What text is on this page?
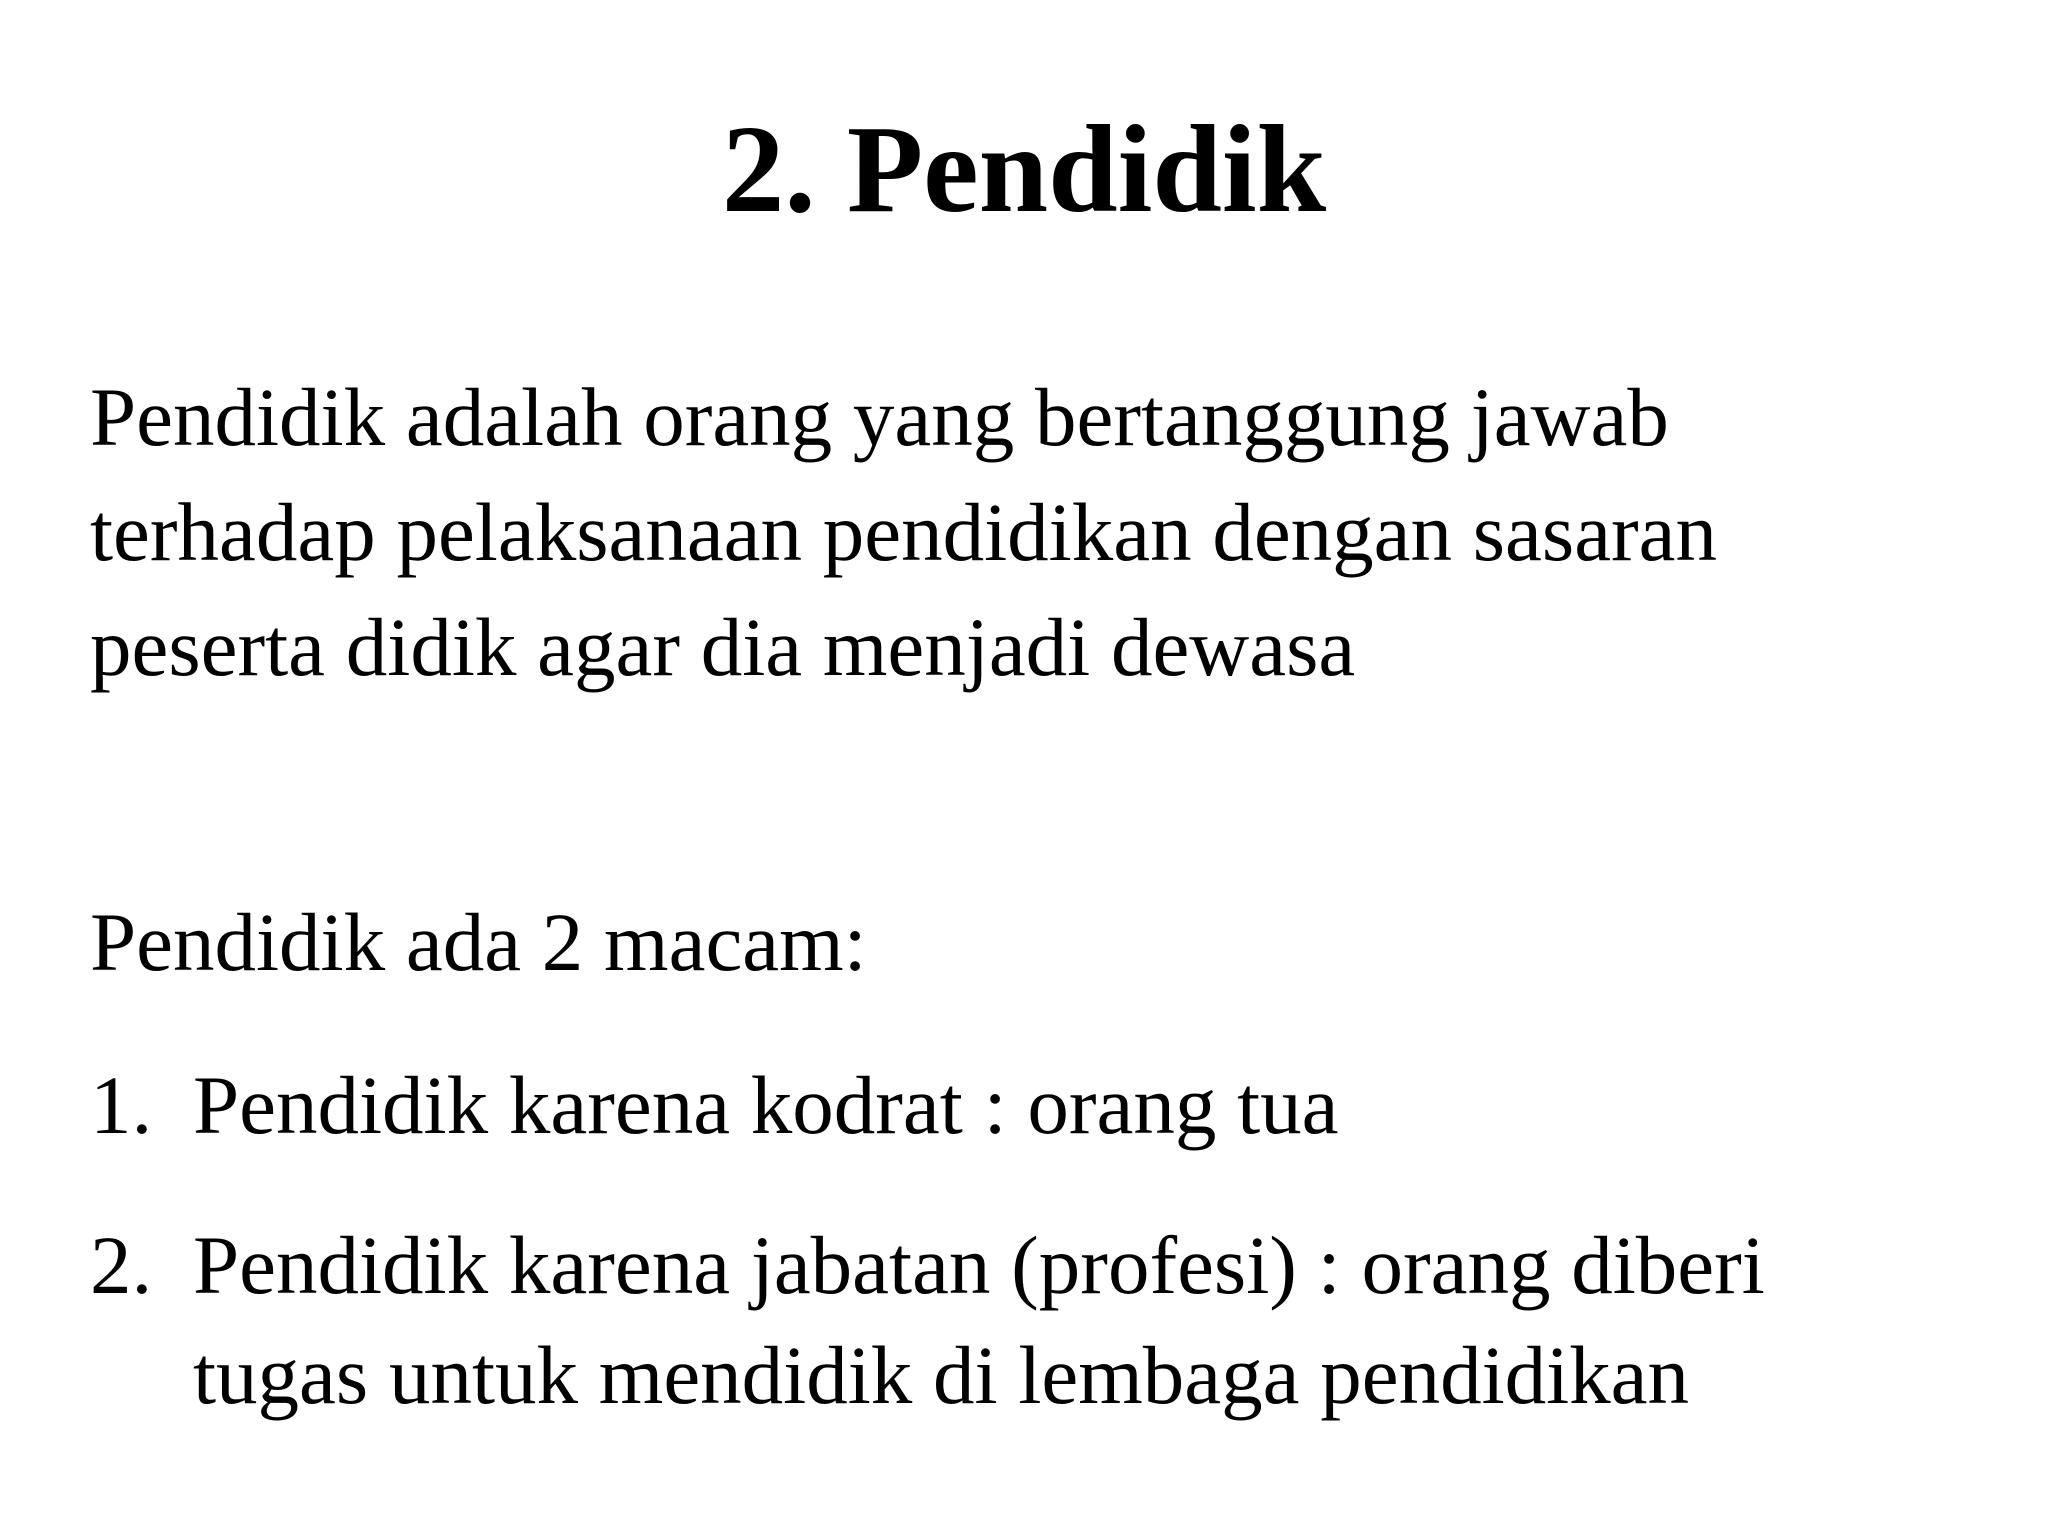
2. Pendidik

Pendidik adalah orang yang bertanggung jawab
terhadap pelaksanaan pendidikan dengan sasaran
peserta didik agar dia menjadi dewasa

Pendidik ada 2 macam:

1. Pendidik karena kodrat : orang tua
2. Pendidik karena jabatan (profesi) : orang diberi
tugas untuk mendidik di lembaga pendidikan
